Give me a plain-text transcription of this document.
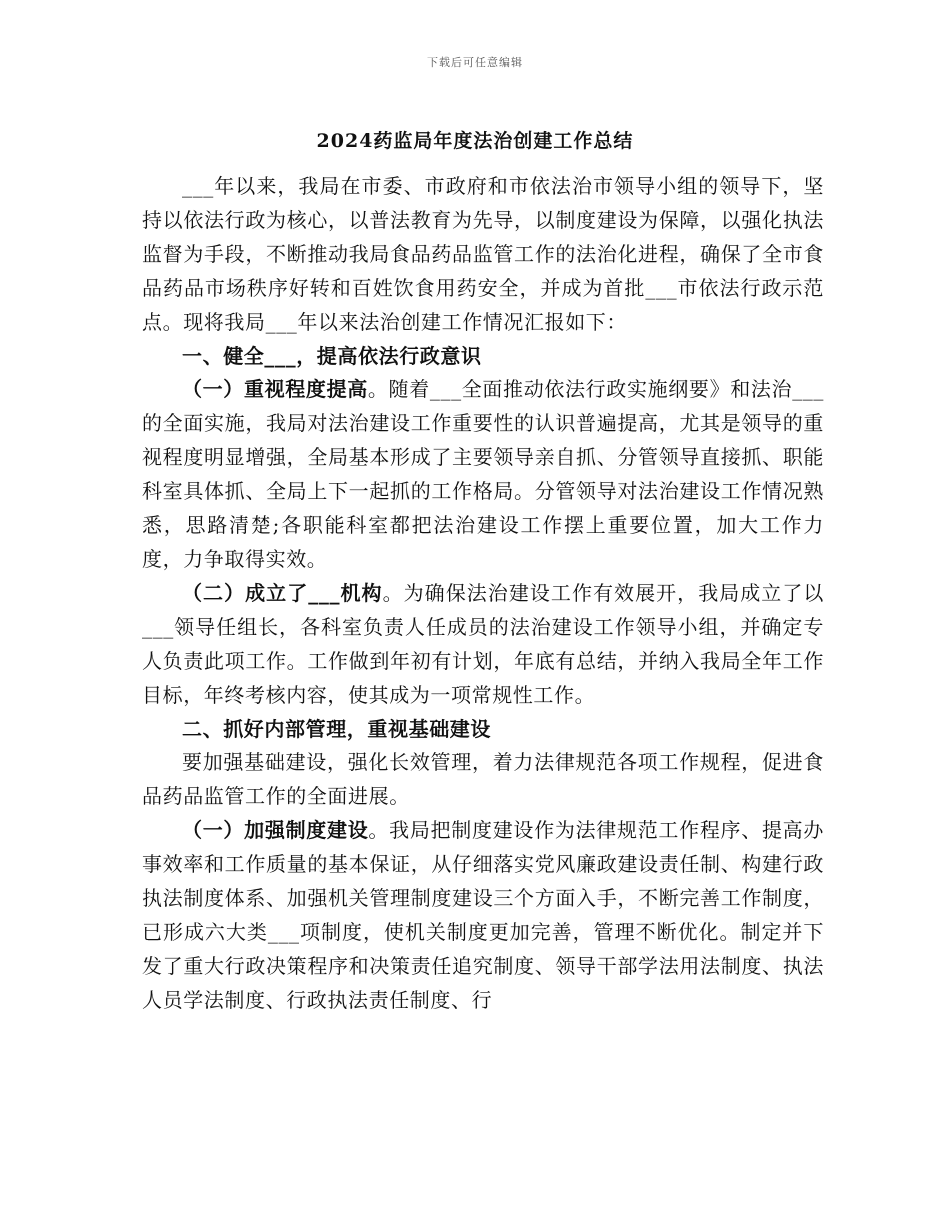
下载后可任意编辑
2024药监局年度法治创建工作总结

___年以来，我局在市委、市政府和市依法治市领导小组的领导下，坚持以依法行政为核心，以普法教育为先导，以制度建设为保障，以强化执法监督为手段，不断推动我局食品药品监管工作的法治化进程，确保了全市食品药品市场秩序好转和百姓饮食用药安全，并成为首批___市依法行政示范点。现将我局___年以来法治创建工作情况汇报如下：

一、健全___，提高依法行政意识

（一）重视程度提高。随着___全面推动依法行政实施纲要》和法治___的全面实施，我局对法治建设工作重要性的认识普遍提高，尤其是领导的重视程度明显增强，全局基本形成了主要领导亲自抓、分管领导直接抓、职能科室具体抓、全局上下一起抓的工作格局。分管领导对法治建设工作情况熟悉，思路清楚;各职能科室都把法治建设工作摆上重要位置，加大工作力度，力争取得实效。

（二）成立了___机构。为确保法治建设工作有效展开，我局成立了以___领导任组长，各科室负责人任成员的法治建设工作领导小组，并确定专人负责此项工作。工作做到年初有计划，年底有总结，并纳入我局全年工作目标，年终考核内容，使其成为一项常规性工作。

二、抓好内部管理，重视基础建设

要加强基础建设，强化长效管理，着力法律规范各项工作规程，促进食品药品监管工作的全面进展。

（一）加强制度建设。我局把制度建设作为法律规范工作程序、提高办事效率和工作质量的基本保证，从仔细落实党风廉政建设责任制、构建行政执法制度体系、加强机关管理制度建设三个方面入手，不断完善工作制度，已形成六大类___项制度，使机关制度更加完善，管理不断优化。制定并下发了重大行政决策程序和决策责任追究制度、领导干部学法用法制度、执法人员学法制度、行政执法责任制度、行
